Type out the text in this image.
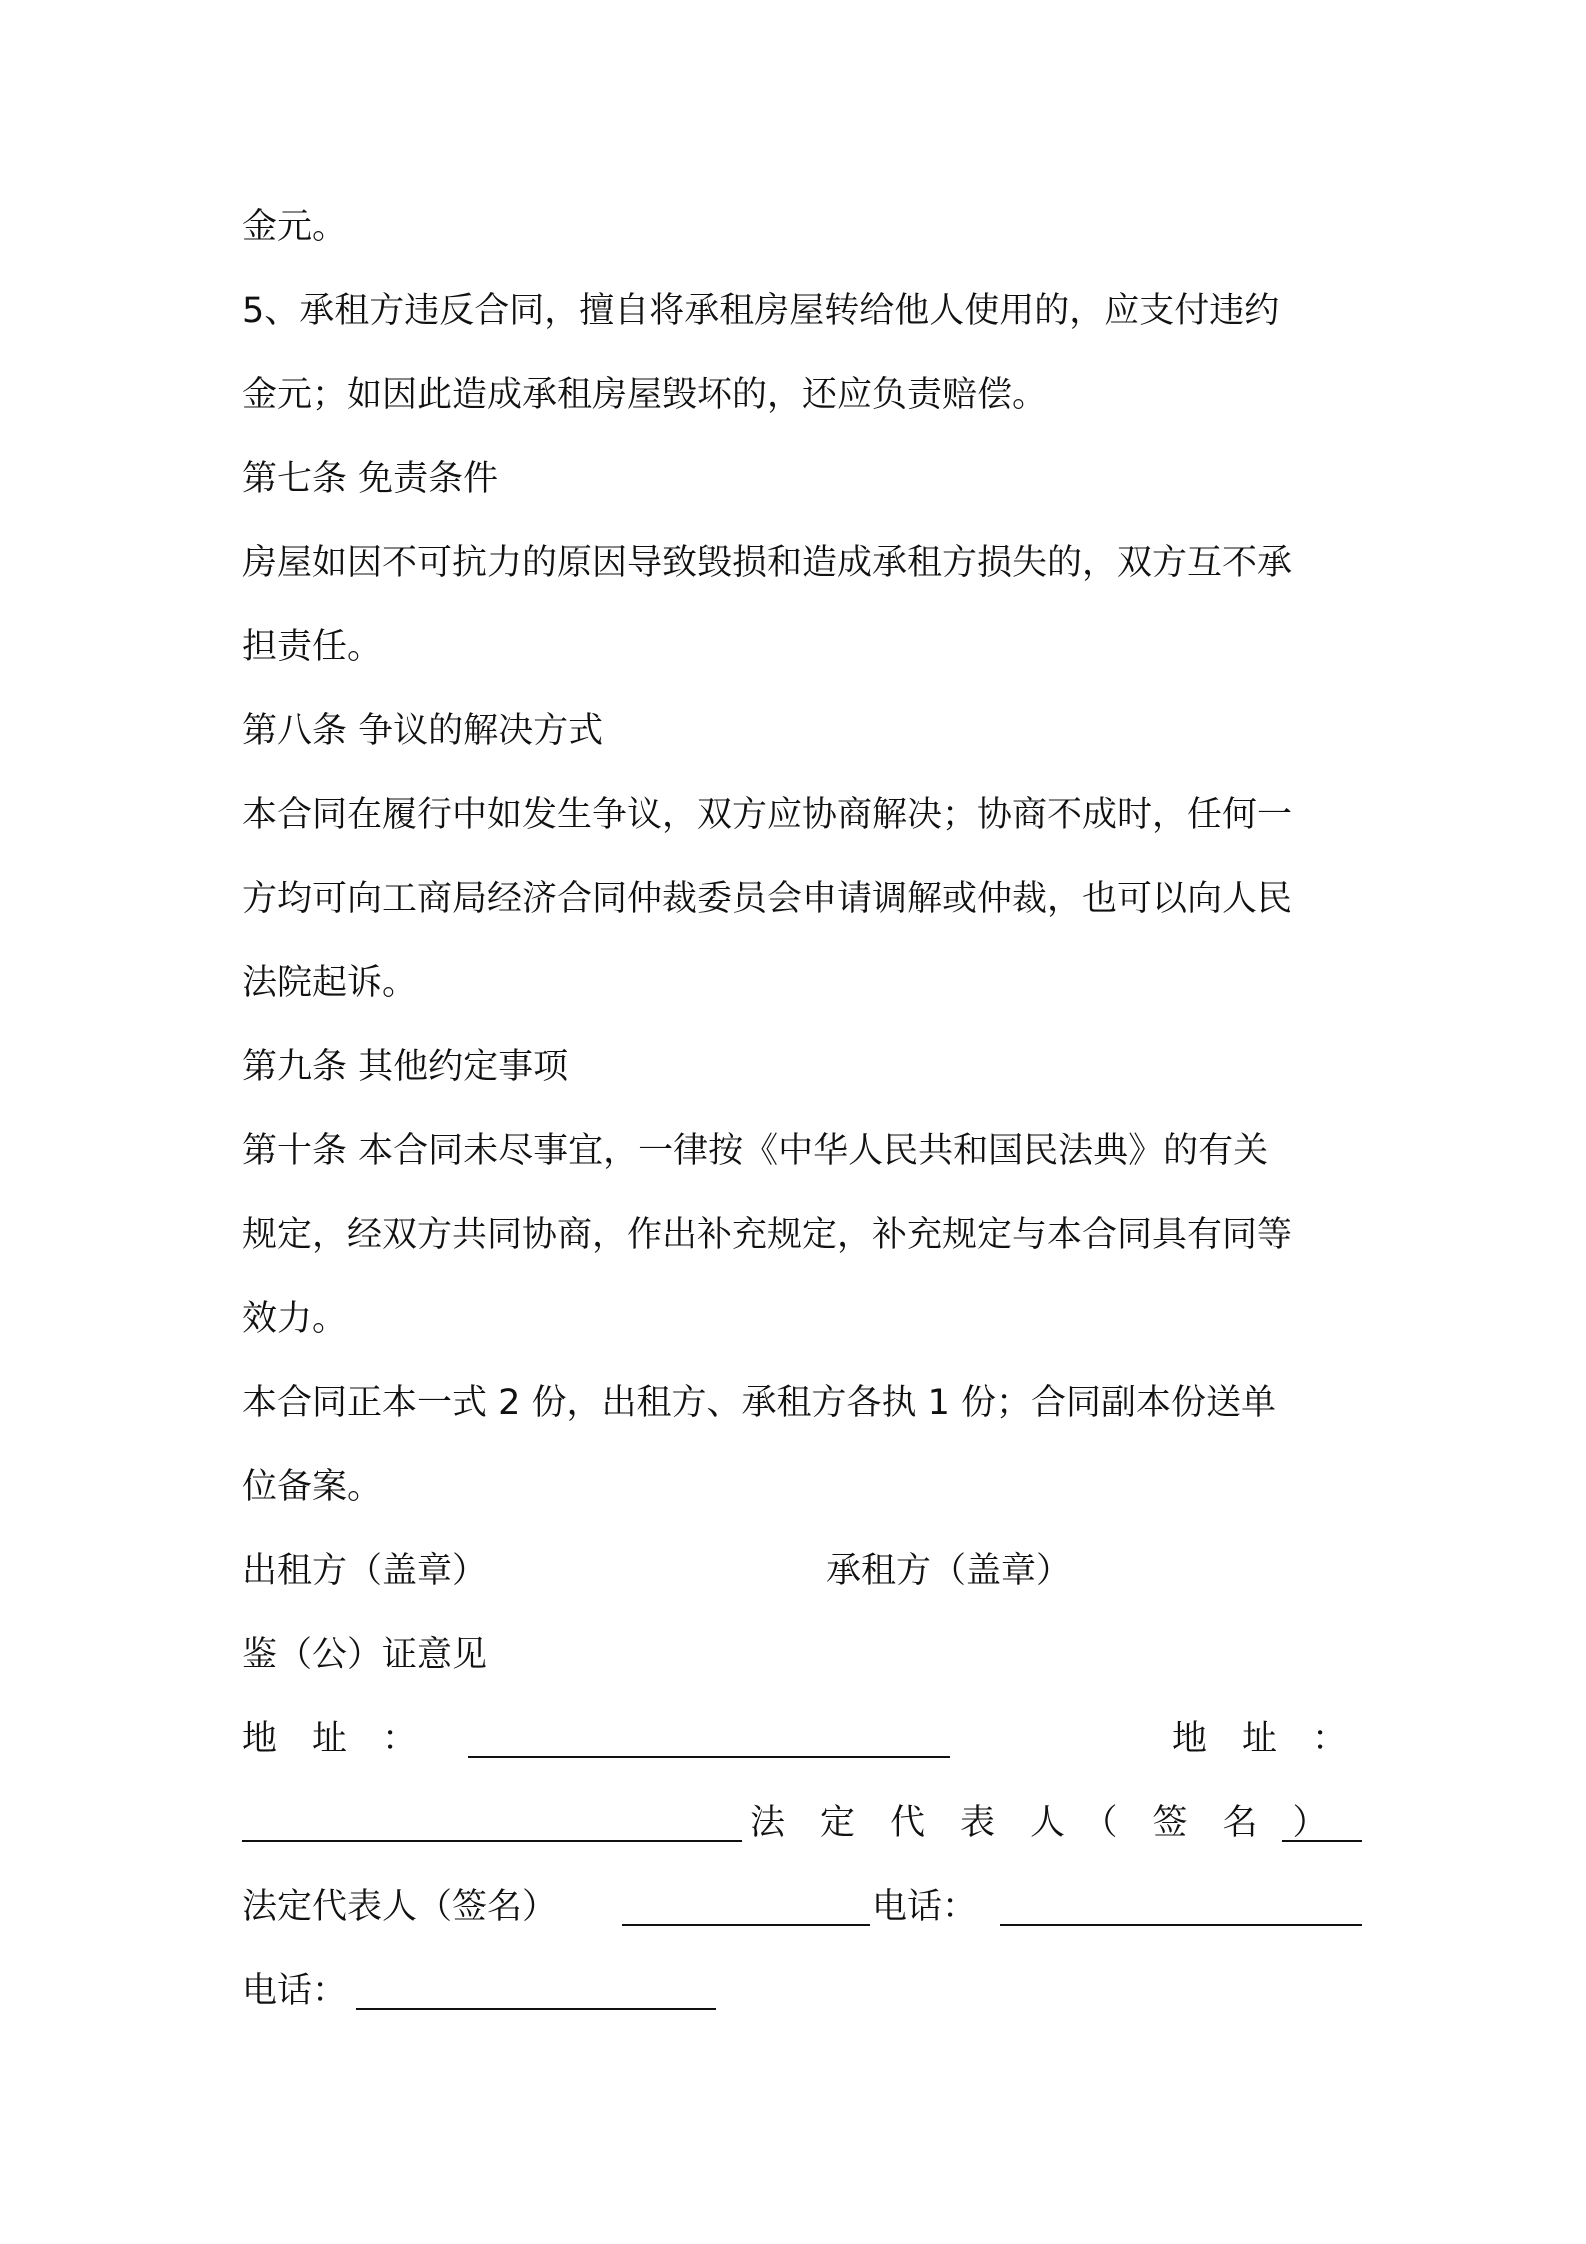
金元。
5、承租方违反合同，擅自将承租房屋转给他人使用的，应支付违约
金元；如因此造成承租房屋毁坏的，还应负责赔偿。
第七条 免责条件
房屋如因不可抗力的原因导致毁损和造成承租方损失的，双方互不承
担责任。
第八条 争议的解决方式
本合同在履行中如发生争议，双方应协商解决；协商不成时，任何一
方均可向工商局经济合同仲裁委员会申请调解或仲裁，也可以向人民
法院起诉。
第九条 其他约定事项
第十条 本合同未尽事宜，一律按《中华人民共和国民法典》的有关
规定，经双方共同协商，作出补充规定，补充规定与本合同具有同等
效力。
本合同正本一式 2 份，出租方、承租方各执 1 份；合同副本份送单
位备案。
出租方（盖章）	承租方（盖章）
鉴（公）证意见
地　址　：	地　址　：
法　定　代　表　人　（　签　名　）
法定代表人（签名）	电话：
电话：
